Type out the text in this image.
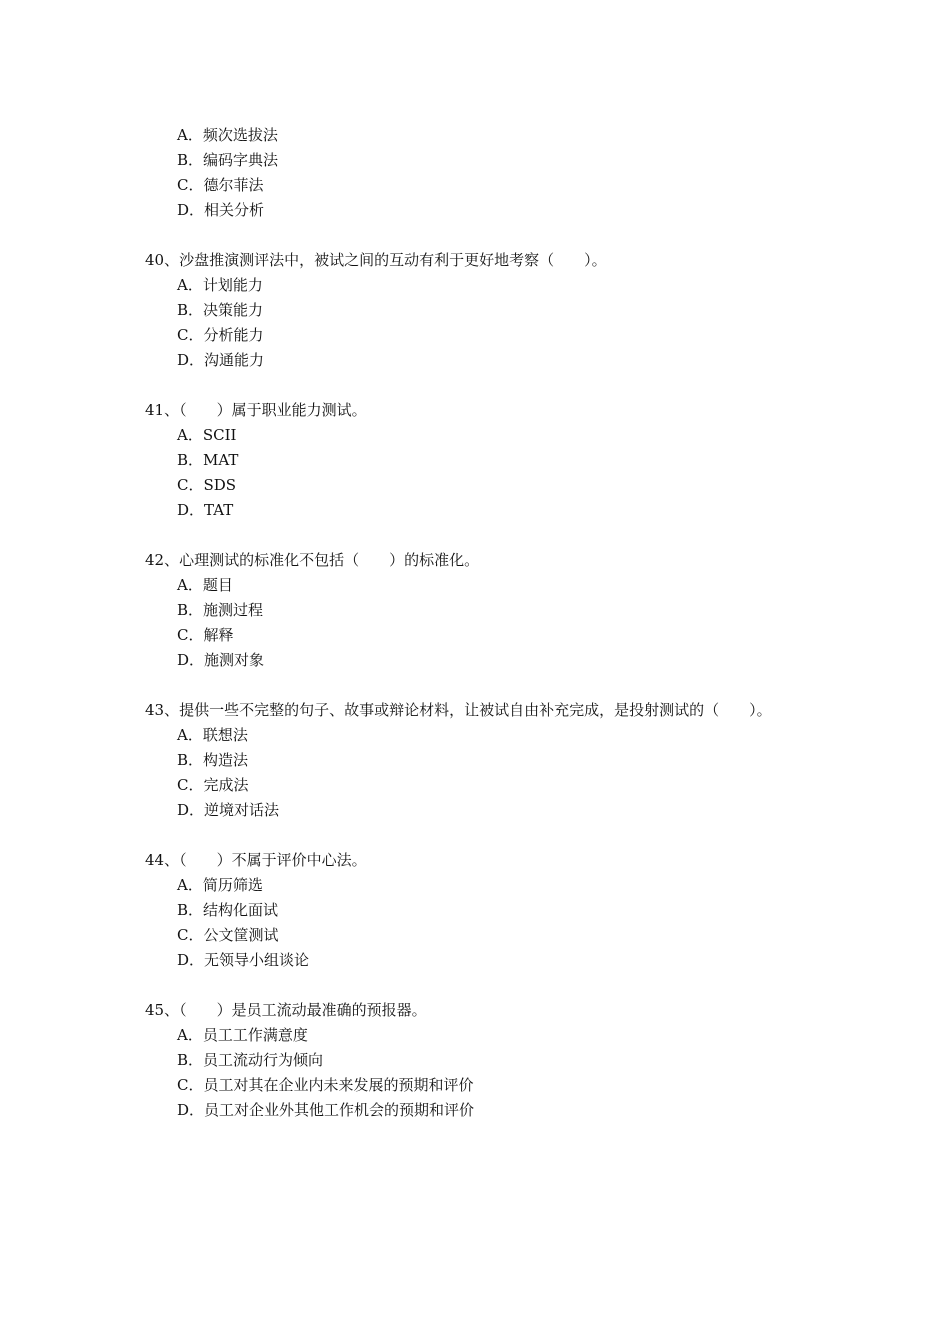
A．频次选拔法
B．编码字典法
C．德尔菲法
D．相关分析

40、沙盘推演测评法中，被试之间的互动有利于更好地考察（　　）。

A．计划能力
B．决策能力
C．分析能力
D．沟通能力

41、（　　）属于职业能力测试。

A．SCII
B．MAT
C．SDS
D．TAT

42、心理测试的标准化不包括（　　）的标准化。

A．题目
B．施测过程
C．解释
D．施测对象

43、提供一些不完整的句子、故事或辩论材料，让被试自由补充完成，是投射测试的（　　）。

A．联想法
B．构造法
C．完成法
D．逆境对话法

44、（　　）不属于评价中心法。

A．简历筛选
B．结构化面试
C．公文筐测试
D．无领导小组谈论

45、（　　）是员工流动最准确的预报器。

A．员工工作满意度
B．员工流动行为倾向
C．员工对其在企业内未来发展的预期和评价
D．员工对企业外其他工作机会的预期和评价
